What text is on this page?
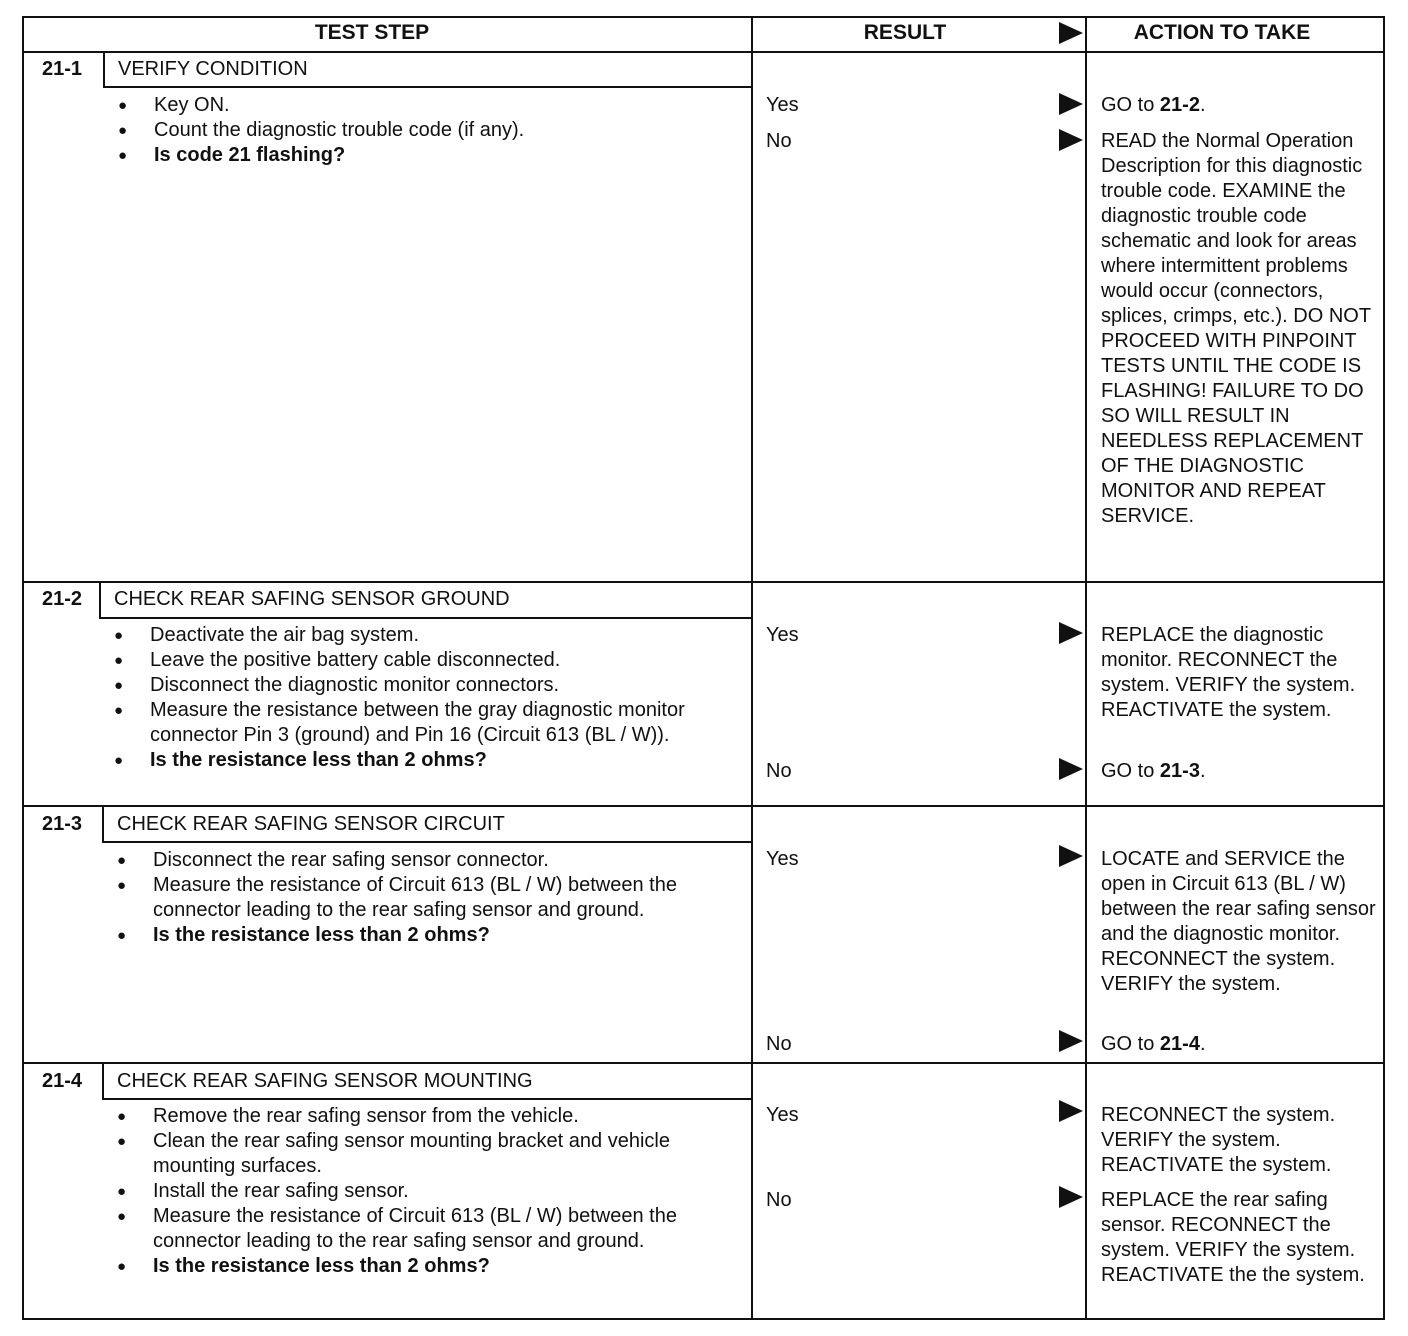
TEST STEP	RESULT	ACTION TO TAKE
21-1	VERIFY CONDITION
● Key ON.
● Count the diagnostic trouble code (if any).
● Is code 21 flashing?
Yes	GO to 21-2.
No	READ the Normal Operation Description for this diagnostic trouble code. EXAMINE the diagnostic trouble code schematic and look for areas where intermittent problems would occur (connectors, splices, crimps, etc.). DO NOT PROCEED WITH PINPOINT TESTS UNTIL THE CODE IS FLASHING! FAILURE TO DO SO WILL RESULT IN NEEDLESS REPLACEMENT OF THE DIAGNOSTIC MONITOR AND REPEAT SERVICE.
21-2	CHECK REAR SAFING SENSOR GROUND
● Deactivate the air bag system.
● Leave the positive battery cable disconnected.
● Disconnect the diagnostic monitor connectors.
● Measure the resistance between the gray diagnostic monitor connector Pin 3 (ground) and Pin 16 (Circuit 613 (BL / W)).
● Is the resistance less than 2 ohms?
Yes	REPLACE the diagnostic monitor. RECONNECT the system. VERIFY the system. REACTIVATE the system.
No	GO to 21-3.
21-3	CHECK REAR SAFING SENSOR CIRCUIT
● Disconnect the rear safing sensor connector.
● Measure the resistance of Circuit 613 (BL / W) between the connector leading to the rear safing sensor and ground.
● Is the resistance less than 2 ohms?
Yes	LOCATE and SERVICE the open in Circuit 613 (BL / W) between the rear safing sensor and the diagnostic monitor. RECONNECT the system. VERIFY the system.
No	GO to 21-4.
21-4	CHECK REAR SAFING SENSOR MOUNTING
● Remove the rear safing sensor from the vehicle.
● Clean the rear safing sensor mounting bracket and vehicle mounting surfaces.
● Install the rear safing sensor.
● Measure the resistance of Circuit 613 (BL / W) between the connector leading to the rear safing sensor and ground.
● Is the resistance less than 2 ohms?
Yes	RECONNECT the system. VERIFY the system. REACTIVATE the system.
No	REPLACE the rear safing sensor. RECONNECT the system. VERIFY the system. REACTIVATE the the system.
